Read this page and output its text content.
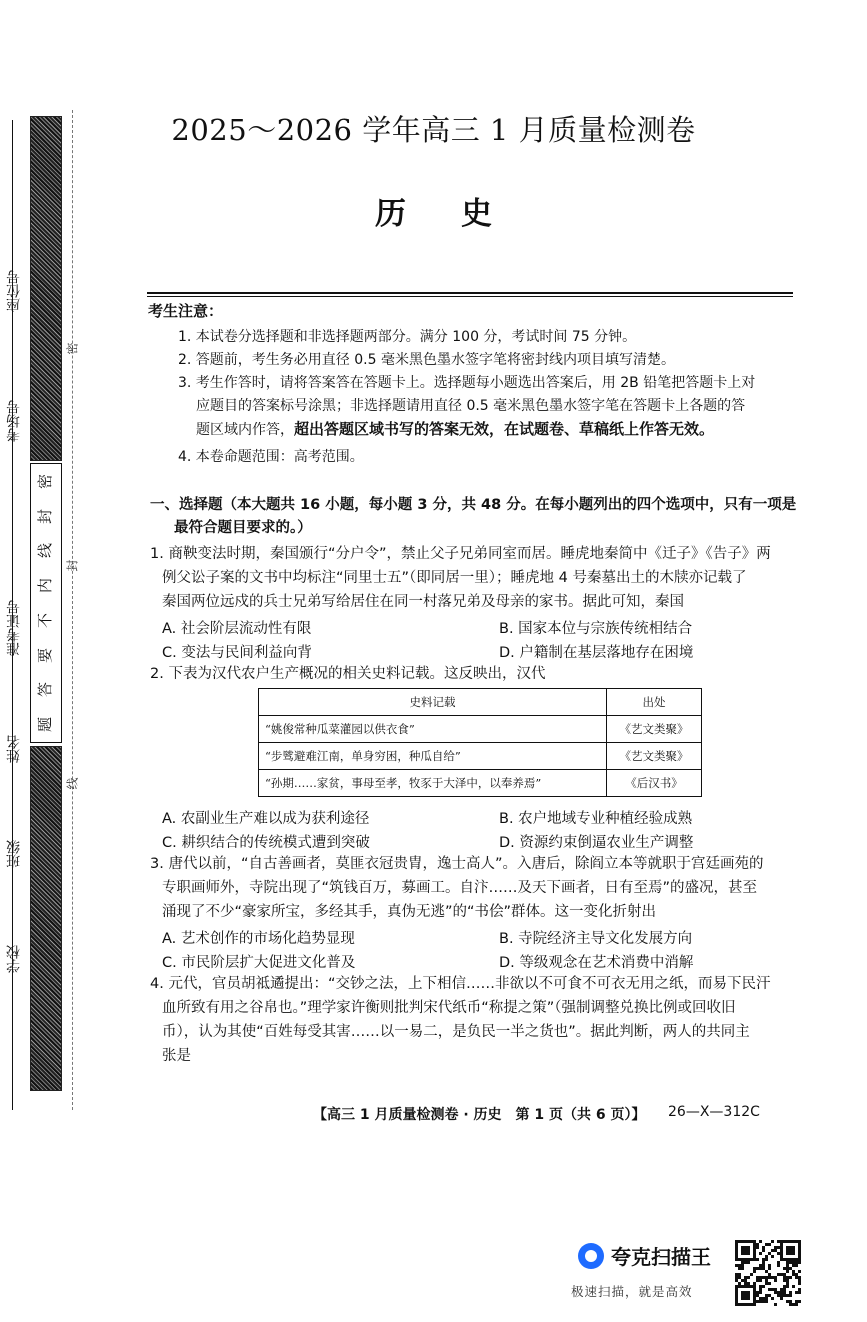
密
封
线
内
不
要
答
题
座位号
考场号
准考证号
姓名
班级
学校
密
封
线
2025～2026 学年高三 1 月质量检测卷
历史
考生注意：
1. 本试卷分选择题和非选择题两部分。满分 100 分，考试时间 75 分钟。
2. 答题前，考生务必用直径 0.5 毫米黑色墨水签字笔将密封线内项目填写清楚。
3. 考生作答时，请将答案答在答题卡上。选择题每小题选出答案后，用 2B 铅笔把答题卡上对
应题目的答案标号涂黑；非选择题请用直径 0.5 毫米黑色墨水签字笔在答题卡上各题的答
题区域内作答，超出答题区域书写的答案无效，在试题卷、草稿纸上作答无效。
4. 本卷命题范围：高考范围。
一、选择题（本大题共 16 小题，每小题 3 分，共 48 分。在每小题列出的四个选项中，只有一项是
最符合题目要求的。）
1. 商鞅变法时期，秦国颁行“分户令”，禁止父子兄弟同室而居。睡虎地秦简中《迁子》《告子》两
例父讼子案的文书中均标注“同里士五”（即同居一里）；睡虎地 4 号秦墓出土的木牍亦记载了
秦国两位远戍的兵士兄弟写给居住在同一村落兄弟及母亲的家书。据此可知，秦国
A. 社会阶层流动性有限	B. 国家本位与宗族传统相结合
C. 变法与民间利益向背	D. 户籍制在基层落地存在困境
2. 下表为汉代农户生产概况的相关史料记载。这反映出，汉代
史料记载	出处
“姚俊常种瓜菜灌园以供衣食”	《艺文类聚》
“步骘避难江南，单身穷困，种瓜自给”	《艺文类聚》
“孙期……家贫，事母至孝，牧豕于大泽中，以奉养焉”	《后汉书》
A. 农副业生产难以成为获利途径	B. 农户地域专业种植经验成熟
C. 耕织结合的传统模式遭到突破	D. 资源约束倒逼农业生产调整
3. 唐代以前，“自古善画者，莫匪衣冠贵胄，逸士高人”。入唐后，除阎立本等就职于宫廷画苑的
专职画师外，寺院出现了“筑钱百万，募画工。自汴……及天下画者，日有至焉”的盛况，甚至
涌现了不少“豪家所宝，多经其手，真伪无逃”的“书侩”群体。这一变化折射出
A. 艺术创作的市场化趋势显现	B. 寺院经济主导文化发展方向
C. 市民阶层扩大促进文化普及	D. 等级观念在艺术消费中消解
4. 元代，官员胡祗遹提出：“交钞之法，上下相信……非欲以不可食不可衣无用之纸，而易下民汗
血所致有用之谷帛也。”理学家许衡则批判宋代纸币“称提之策”（强制调整兑换比例或回收旧
币），认为其使“百姓每受其害……以一易二，是负民一半之货也”。据此判断，两人的共同主
张是
【高三 1 月质量检测卷 · 历史　第 1 页（共 6 页）】 26—X—312C
夸克扫描王
极速扫描，就是高效
